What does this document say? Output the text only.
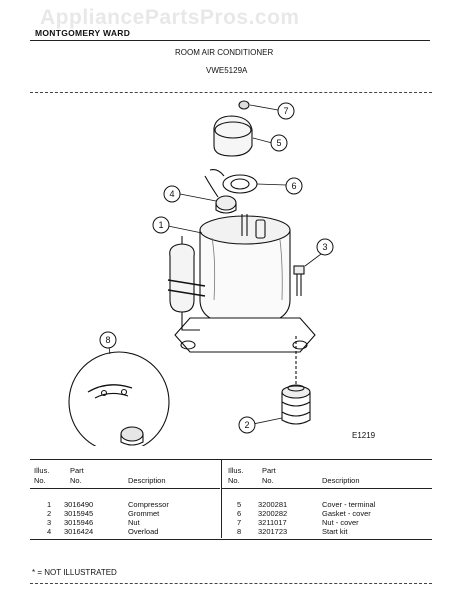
MONTGOMERY WARD
AppliancePartsPros.com
ROOM AIR CONDITIONER
VWE5129A
7
5
6
4
1
3
8
2
E1219
Illus.
No.
Part
No.	Description
Illus.
No.
Part
No.	Description
1 3016490	Compressor
2 3015945	Grommet
3 3015946	Nut
4 3016424	Overload
5 3200281	Cover - terminal
6 3200282	Gasket - cover
7 3211017	Nut - cover
8 3201723	Start kit
* = NOT ILLUSTRATED
